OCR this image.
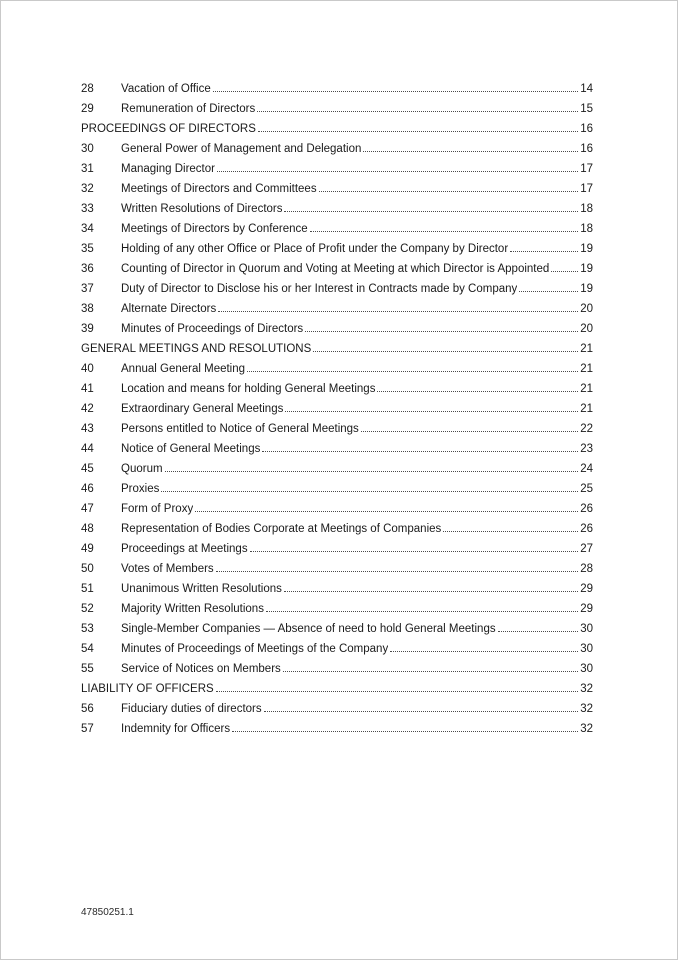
28	Vacation of Office	14
29	Remuneration of Directors	15
PROCEEDINGS OF DIRECTORS	16
30	General Power of Management and Delegation	16
31	Managing Director	17
32	Meetings of Directors and Committees	17
33	Written Resolutions of Directors	18
34	Meetings of Directors by Conference	18
35	Holding of any other Office or Place of Profit under the Company by Director	19
36	Counting of Director in Quorum and Voting at Meeting at which Director is Appointed	19
37	Duty of Director to Disclose his or her Interest in Contracts made by Company	19
38	Alternate Directors	20
39	Minutes of Proceedings of Directors	20
GENERAL MEETINGS AND RESOLUTIONS	21
40	Annual General Meeting	21
41	Location and means for holding General Meetings	21
42	Extraordinary General Meetings	21
43	Persons entitled to Notice of General Meetings	22
44	Notice of General Meetings	23
45	Quorum	24
46	Proxies	25
47	Form of Proxy	26
48	Representation of Bodies Corporate at Meetings of Companies	26
49	Proceedings at Meetings	27
50	Votes of Members	28
51	Unanimous Written Resolutions	29
52	Majority Written Resolutions	29
53	Single-Member Companies — Absence of need to hold General Meetings	30
54	Minutes of Proceedings of Meetings of the Company	30
55	Service of Notices on Members	30
LIABILITY OF OFFICERS	32
56	Fiduciary duties of directors	32
57	Indemnity for Officers	32
47850251.1
